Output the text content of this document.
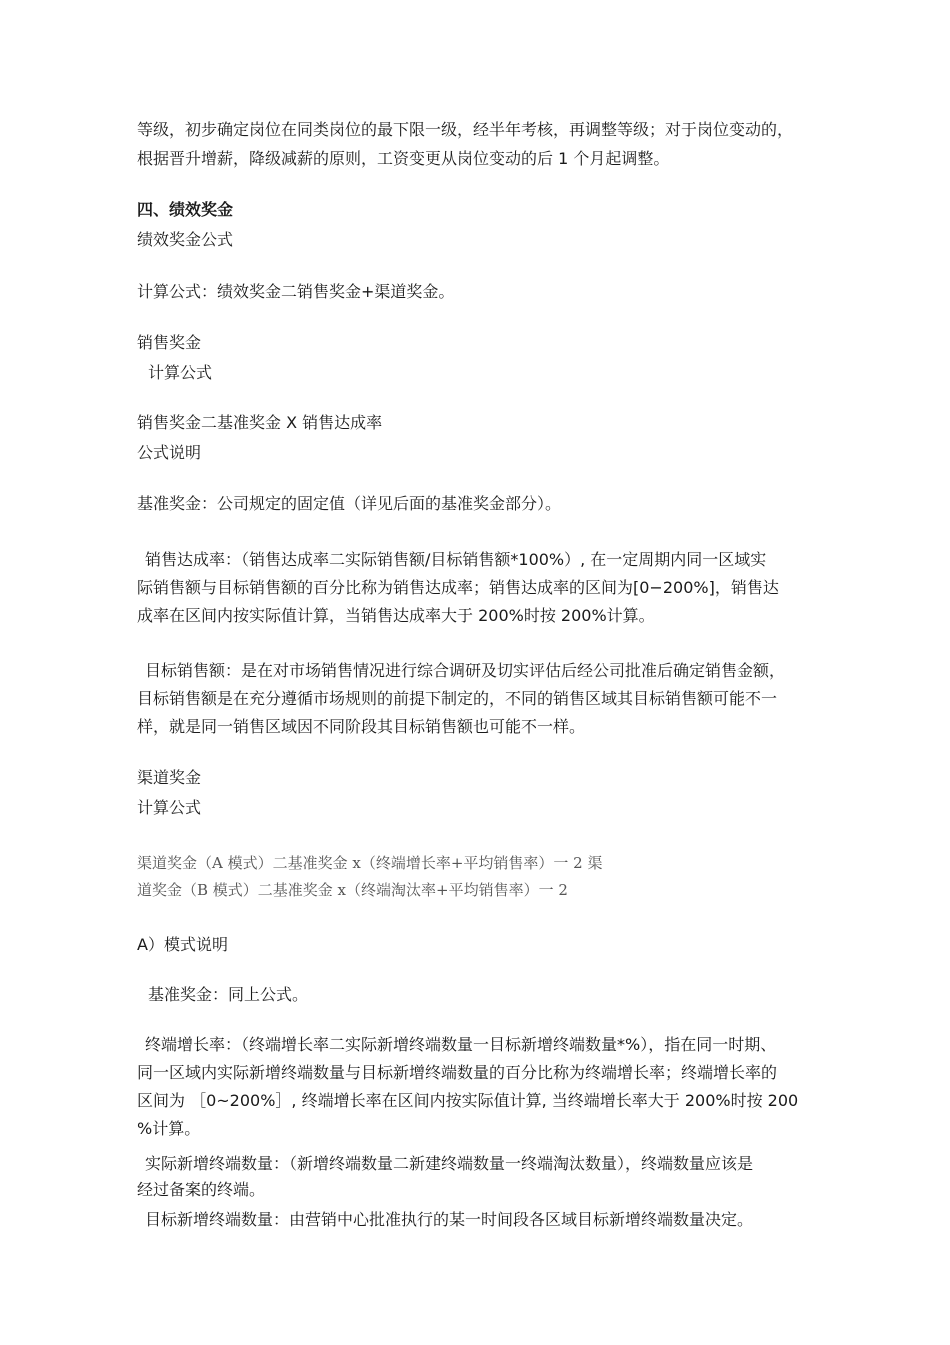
等级，初步确定岗位在同类岗位的最下限一级，经半年考核，再调整等级；对于岗位变动的，
根据晋升增薪，降级减薪的原则，工资变更从岗位变动的后 1 个月起调整。
四、绩效奖金
绩效奖金公式
计算公式：绩效奖金二销售奖金+渠道奖金。
销售奖金
计算公式
销售奖金二基准奖金 X 销售达成率
公式说明
基准奖金：公司规定的固定值（详见后面的基准奖金部分）。
销售达成率：（销售达成率二实际销售额/目标销售额*100%）, 在一定周期内同一区域实
际销售额与目标销售额的百分比称为销售达成率；销售达成率的区间为[0−200%]，销售达
成率在区间内按实际值计算，当销售达成率大于 200%时按 200%计算。
目标销售额：是在对市场销售情况进行综合调研及切实评估后经公司批准后确定销售金额，
目标销售额是在充分遵循市场规则的前提下制定的，不同的销售区域其目标销售额可能不一
样，就是同一销售区域因不同阶段其目标销售额也可能不一样。
渠道奖金
计算公式
渠道奖金（A 模式）二基准奖金 x（终端增长率+平均销售率）一 2 渠
道奖金（B 模式）二基准奖金 x（终端淘汰率+平均销售率）一 2
A）模式说明
基准奖金：同上公式。
终端增长率：（终端增长率二实际新增终端数量一目标新增终端数量*%），指在同一时期、
同一区域内实际新增终端数量与目标新增终端数量的百分比称为终端增长率；终端增长率的
区间为 ［0~200%］, 终端增长率在区间内按实际值计算, 当终端增长率大于 200%时按 200
%计算。
实际新增终端数量：（新增终端数量二新建终端数量一终端淘汰数量），终端数量应该是
经过备案的终端。
目标新增终端数量：由营销中心批准执行的某一时间段各区域目标新增终端数量决定。
